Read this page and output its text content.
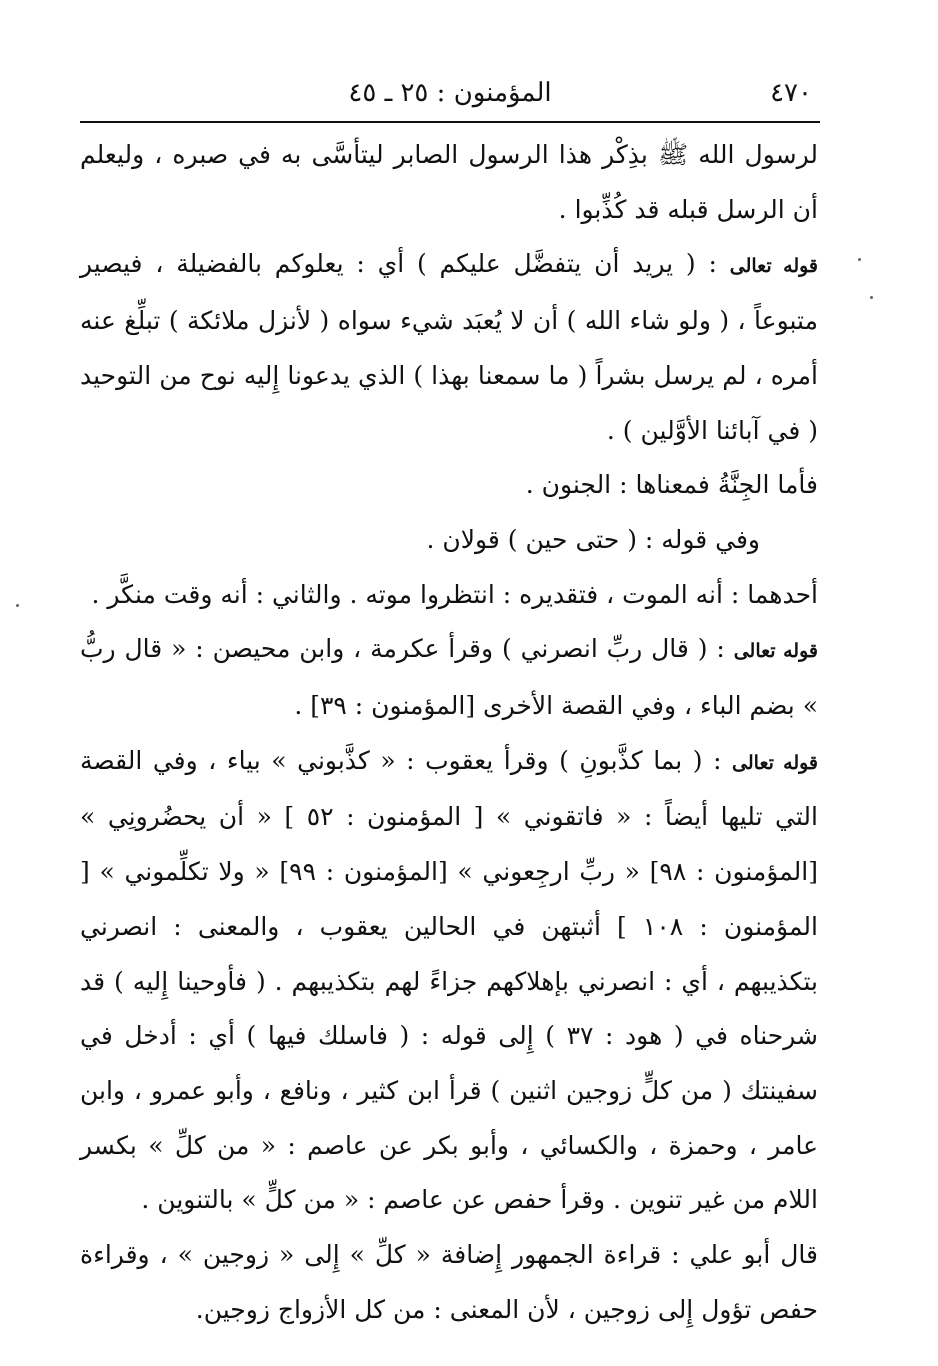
٤٧٠
المؤمنون : ٢٥ ـ ٤٥

لرسول الله ﷺ بذِكْر هذا الرسول الصابر ليتأسَّى به في صبره ، وليعلم أن الرسل قبله قد كُذِّبوا .

قوله تعالى : ( يريد أن يتفضَّل عليكم ) أي : يعلوكم بالفضيلة ، فيصير متبوعاً ، ( ولو شاء الله ) أن لا يُعبَد شيء سواه ( لأنزل ملائكة ) تبلِّغ عنه أمره ، لم يرسل بشراً ( ما سمعنا بهذا ) الذي يدعونا إِليه نوح من التوحيد ( في آبائنا الأوَّلين ) .

فأما الجِنَّةُ فمعناها : الجنون .

وفي قوله : ( حتى حين ) قولان .

أحدهما : أنه الموت ، فتقديره : انتظروا موته . والثاني : أنه وقت منكَّر .

قوله تعالى : ( قال ربِّ انصرني ) وقرأ عكرمة ، وابن محيصن : « قال ربُّ » بضم الباء ، وفي القصة الأخرى [المؤمنون : ٣٩] .

قوله تعالى : ( بما كذَّبونِ ) وقرأ يعقوب : « كذَّبوني » بياء ، وفي القصة التي تليها أيضاً : « فاتقوني » [ المؤمنون : ٥٢ ] « أن يحضُرونِي » [المؤمنون : ٩٨] « ربِّ ارجِعوني » [المؤمنون : ٩٩] « ولا تكلِّموني » [ المؤمنون : ١٠٨ ] أثبتهن في الحالين يعقوب ، والمعنى : انصرني بتكذيبهم ، أي : انصرني بإهلاكهم جزاءً لهم بتكذيبهم . ( فأوحينا إِليه ) قد شرحناه في ( هود : ٣٧ ) إِلى قوله : ( فاسلك فيها ) أي : أدخل في سفينتك ( من كلٍّ زوجين اثنين ) قرأ ابن كثير ، ونافع ، وأبو عمرو ، وابن عامر ، وحمزة ، والكسائي ، وأبو بكر عن عاصم : « من كلِّ » بكسر اللام من غير تنوين . وقرأ حفص عن عاصم : « من كلٍّ » بالتنوين .

قال أبو علي : قراءة الجمهور إِضافة « كلِّ » إِلى « زوجين » ، وقراءة حفص تؤول إِلى زوجين ، لأن المعنى : من كل الأزواج زوجين.
